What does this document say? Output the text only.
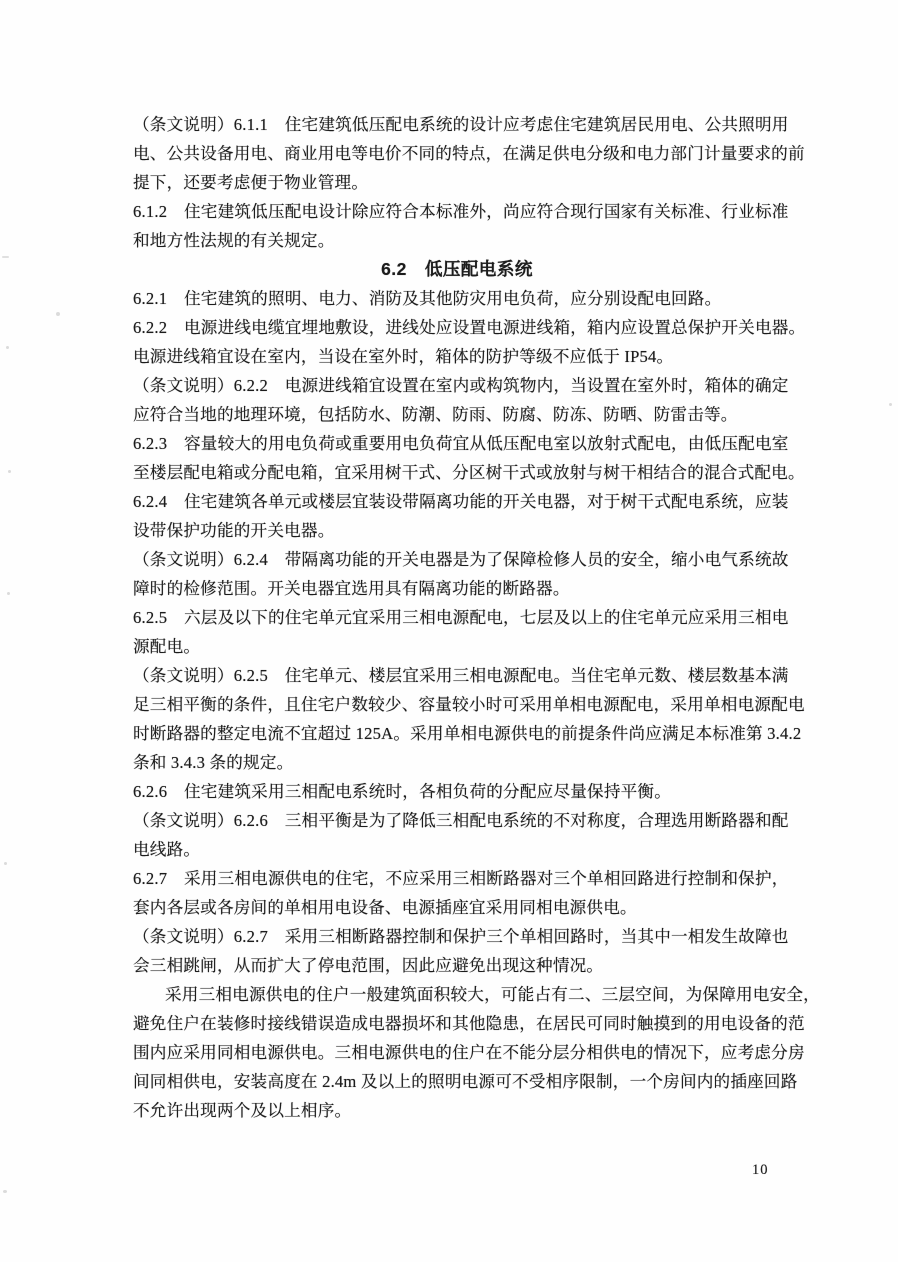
（条文说明）6.1.1　住宅建筑低压配电系统的设计应考虑住宅建筑居民用电、公共照明用
电、公共设备用电、商业用电等电价不同的特点，在满足供电分级和电力部门计量要求的前
提下，还要考虑便于物业管理。
6.1.2　住宅建筑低压配电设计除应符合本标准外，尚应符合现行国家有关标准、行业标准
和地方性法规的有关规定。
6.2　低压配电系统
6.2.1　住宅建筑的照明、电力、消防及其他防灾用电负荷，应分别设配电回路。
6.2.2　电源进线电缆宜埋地敷设，进线处应设置电源进线箱，箱内应设置总保护开关电器。
电源进线箱宜设在室内，当设在室外时，箱体的防护等级不应低于 IP54。
（条文说明）6.2.2　电源进线箱宜设置在室内或构筑物内，当设置在室外时，箱体的确定
应符合当地的地理环境，包括防水、防潮、防雨、防腐、防冻、防晒、防雷击等。
6.2.3　容量较大的用电负荷或重要用电负荷宜从低压配电室以放射式配电，由低压配电室
至楼层配电箱或分配电箱，宜采用树干式、分区树干式或放射与树干相结合的混合式配电。
6.2.4　住宅建筑各单元或楼层宜装设带隔离功能的开关电器，对于树干式配电系统，应装
设带保护功能的开关电器。
（条文说明）6.2.4　带隔离功能的开关电器是为了保障检修人员的安全，缩小电气系统故
障时的检修范围。开关电器宜选用具有隔离功能的断路器。
6.2.5　六层及以下的住宅单元宜采用三相电源配电，七层及以上的住宅单元应采用三相电
源配电。
（条文说明）6.2.5　住宅单元、楼层宜采用三相电源配电。当住宅单元数、楼层数基本满
足三相平衡的条件，且住宅户数较少、容量较小时可采用单相电源配电，采用单相电源配电
时断路器的整定电流不宜超过 125A。采用单相电源供电的前提条件尚应满足本标准第 3.4.2
条和 3.4.3 条的规定。
6.2.6　住宅建筑采用三相配电系统时，各相负荷的分配应尽量保持平衡。
（条文说明）6.2.6　三相平衡是为了降低三相配电系统的不对称度，合理选用断路器和配
电线路。
6.2.7　采用三相电源供电的住宅，不应采用三相断路器对三个单相回路进行控制和保护，
套内各层或各房间的单相用电设备、电源插座宜采用同相电源供电。
（条文说明）6.2.7　采用三相断路器控制和保护三个单相回路时，当其中一相发生故障也
会三相跳闸，从而扩大了停电范围，因此应避免出现这种情况。
采用三相电源供电的住户一般建筑面积较大，可能占有二、三层空间，为保障用电安全，
避免住户在装修时接线错误造成电器损坏和其他隐患，在居民可同时触摸到的用电设备的范
围内应采用同相电源供电。三相电源供电的住户在不能分层分相供电的情况下，应考虑分房
间同相供电，安装高度在 2.4m 及以上的照明电源可不受相序限制，一个房间内的插座回路
不允许出现两个及以上相序。
10
